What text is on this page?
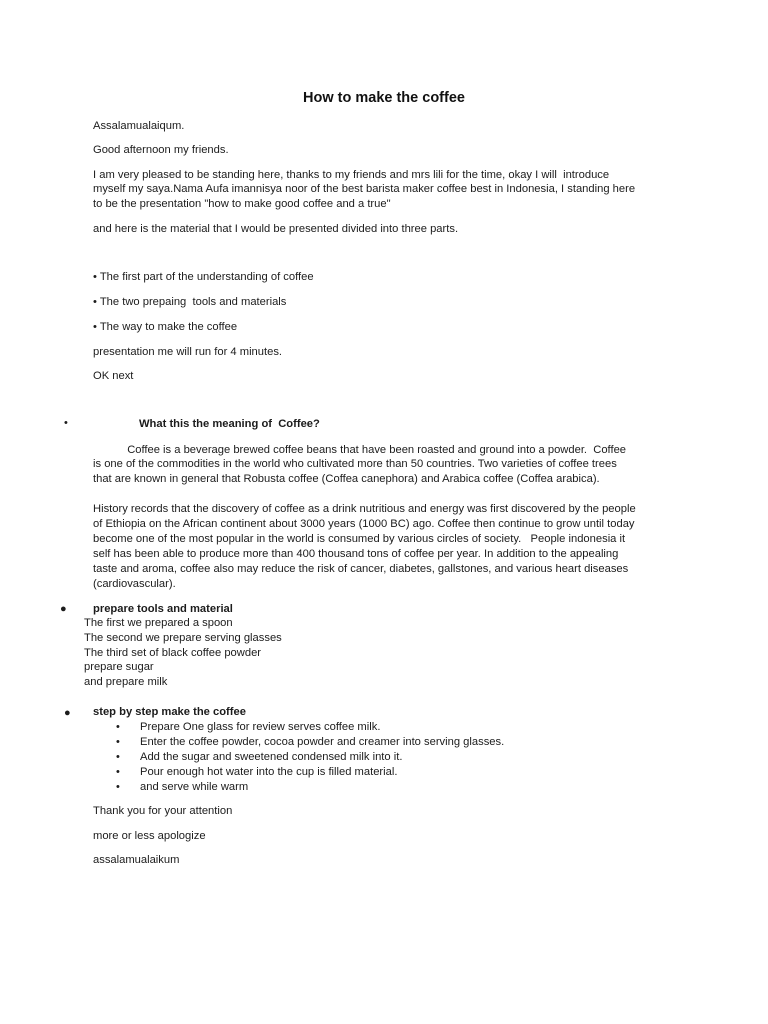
How to make the coffee
Assalamualaiqum.
Good afternoon my friends.
I am very pleased to be standing here, thanks to my friends and mrs lili for the time, okay I will  introduce
myself my saya.Nama Aufa imannisya noor of the best barista maker coffee best in Indonesia, I standing here
to be the presentation "how to make good coffee and a true"
and here is the material that I would be presented divided into three parts.
• The first part of the understanding of coffee
• The two prepaing  tools and materials
• The way to make the coffee
presentation me will run for 4 minutes.
OK next
•	What this the meaning of  Coffee?
Coffee is a beverage brewed coffee beans that have been roasted and ground into a powder.  Coffee
is one of the commodities in the world who cultivated more than 50 countries. Two varieties of coffee trees
that are known in general that Robusta coffee (Coffea canephora) and Arabica coffee (Coffea arabica).
History records that the discovery of coffee as a drink nutritious and energy was first discovered by the people
of Ethiopia on the African continent about 3000 years (1000 BC) ago. Coffee then continue to grow until today
become one of the most popular in the world is consumed by various circles of society.   People indonesia it
self has been able to produce more than 400 thousand tons of coffee per year. In addition to the appealing
taste and aroma, coffee also may reduce the risk of cancer, diabetes, gallstones, and various heart diseases
(cardiovascular).
● prepare tools and material
The first we prepared a spoon
The second we prepare serving glasses
The third set of black coffee powder
prepare sugar
and prepare milk
● step by step make the coffee
• Prepare One glass for review serves coffee milk.
• Enter the coffee powder, cocoa powder and creamer into serving glasses.
• Add the sugar and sweetened condensed milk into it.
• Pour enough hot water into the cup is filled material.
• and serve while warm
Thank you for your attention
more or less apologize
assalamualaikum
